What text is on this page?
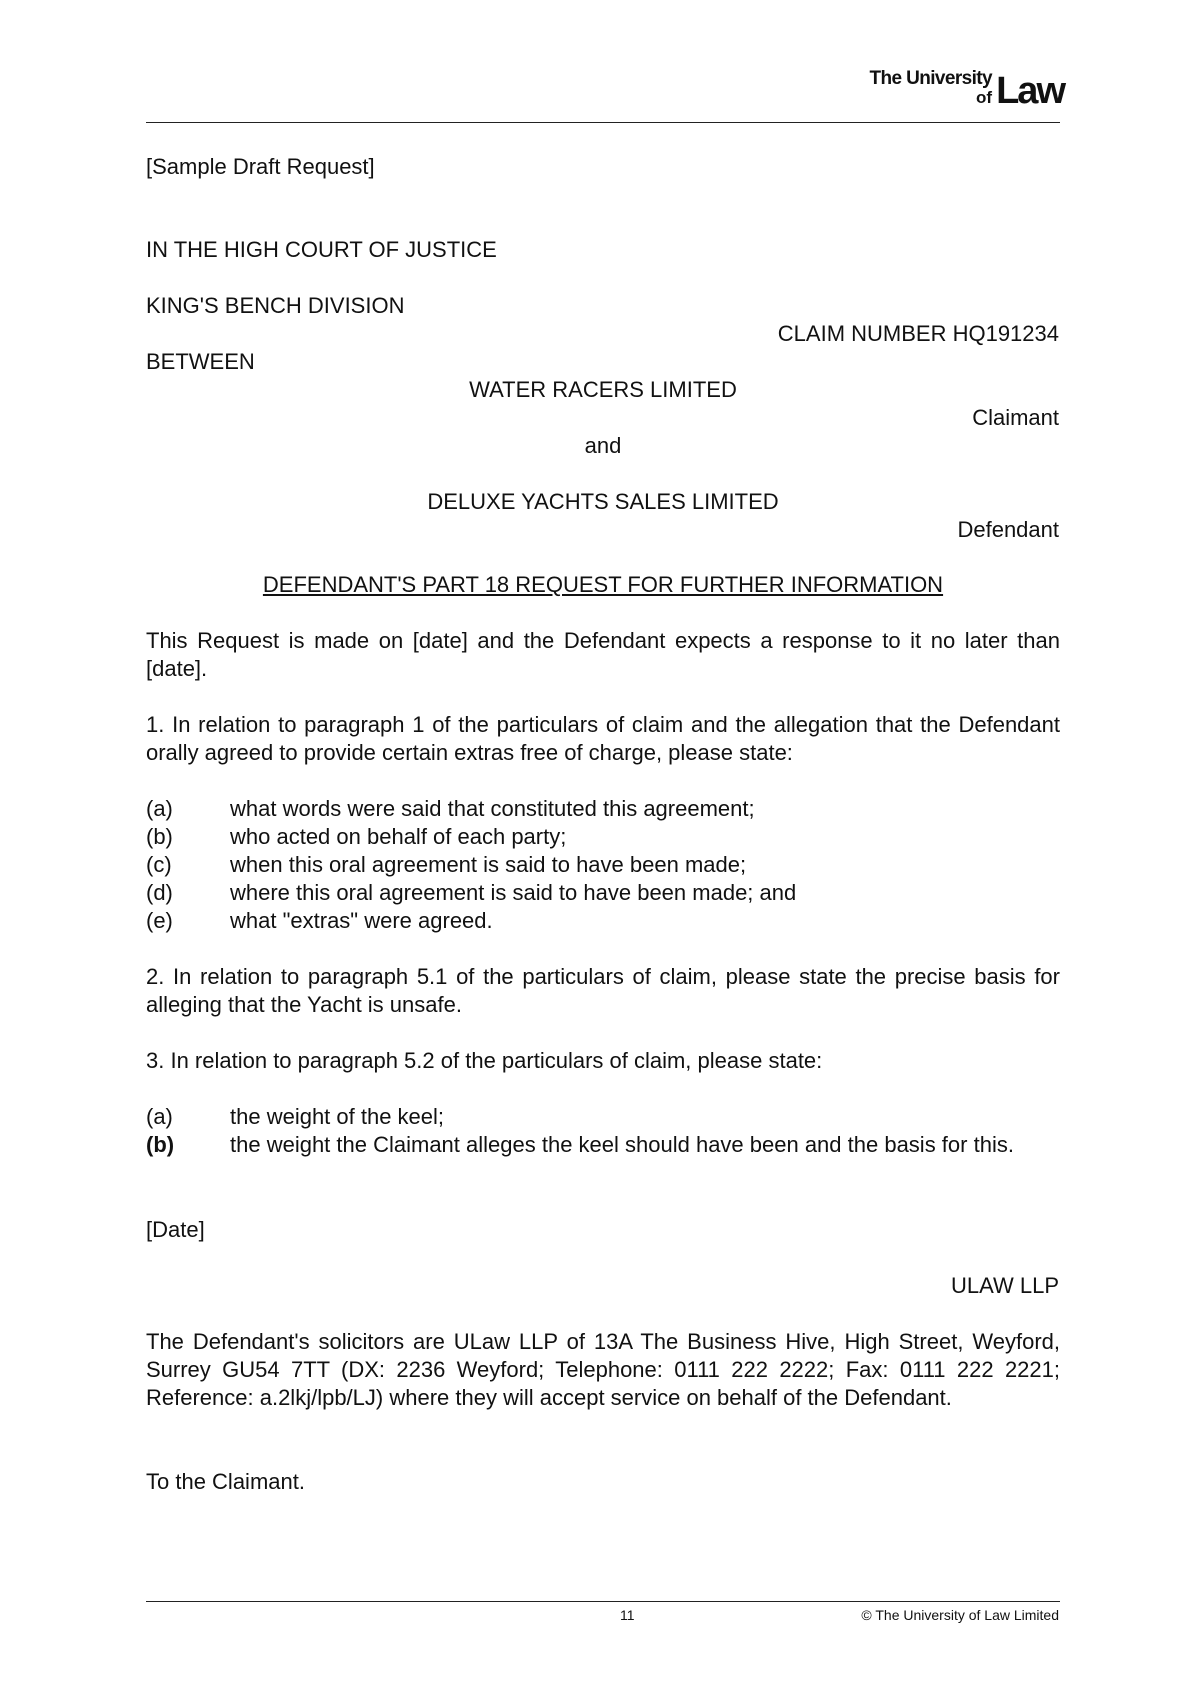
The University
of Law
[Sample Draft Request]
IN THE HIGH COURT OF JUSTICE
KING'S BENCH DIVISION
CLAIM NUMBER HQ191234
BETWEEN
WATER RACERS LIMITED
Claimant
and
DELUXE YACHTS SALES LIMITED
Defendant
DEFENDANT'S PART 18 REQUEST FOR FURTHER INFORMATION
This Request is made on [date] and the Defendant expects a response to it no later than [date].
1. In relation to paragraph 1 of the particulars of claim and the allegation that the Defendant orally agreed to provide certain extras free of charge, please state:
(a)	what words were said that constituted this agreement;
(b)	who acted on behalf of each party;
(c)	when this oral agreement is said to have been made;
(d)	where this oral agreement is said to have been made; and
(e)	what "extras" were agreed.
2. In relation to paragraph 5.1 of the particulars of claim, please state the precise basis for alleging that the Yacht is unsafe.
3. In relation to paragraph 5.2 of the particulars of claim, please state:
(a)	the weight of the keel;
(b)	the weight the Claimant alleges the keel should have been and the basis for this.
[Date]
ULAW LLP
The Defendant's solicitors are ULaw LLP of 13A The Business Hive, High Street, Weyford, Surrey GU54 7TT (DX: 2236 Weyford; Telephone: 0111 222 2222; Fax: 0111 222 2221; Reference: a.2lkj/lpb/LJ) where they will accept service on behalf of the Defendant.
To the Claimant.
11	© The University of Law Limited
